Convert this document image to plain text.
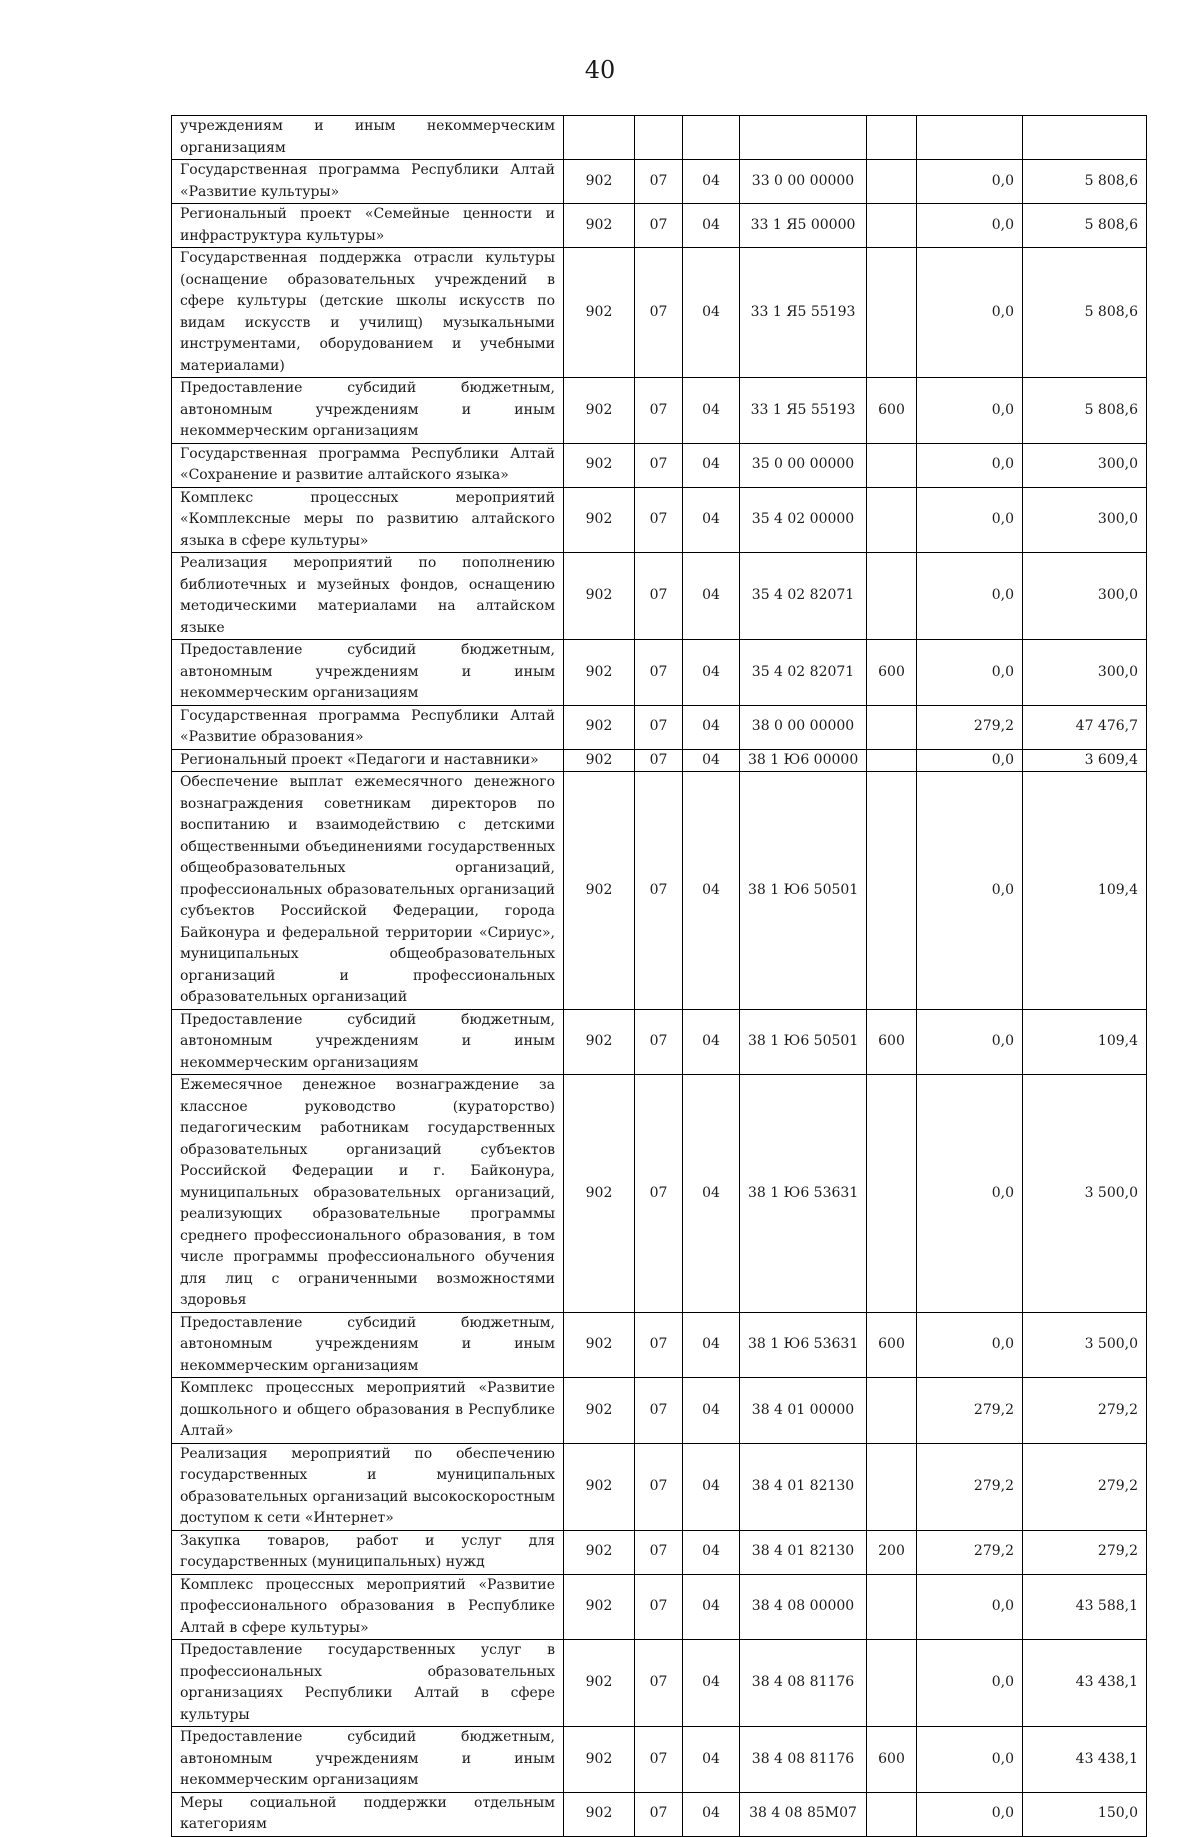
40
учреждениям и иным некоммерческим организациям							
Государственная программа Республики Алтай «Развитие культуры»	902	07	04	33 0 00 00000		0,0	5 808,6
Региональный проект «Семейные ценности и инфраструктура культуры»	902	07	04	33 1 Я5 00000		0,0	5 808,6
Государственная поддержка отрасли культуры (оснащение образовательных учреждений в сфере культуры (детские школы искусств по видам искусств и училищ) музыкальными инструментами, оборудованием и учебными материалами)	902	07	04	33 1 Я5 55193		0,0	5 808,6
Предоставление субсидий бюджетным, автономным учреждениям и иным некоммерческим организациям	902	07	04	33 1 Я5 55193	600	0,0	5 808,6
Государственная программа Республики Алтай «Сохранение и развитие алтайского языка»	902	07	04	35 0 00 00000		0,0	300,0
Комплекс процессных мероприятий «Комплексные меры по развитию алтайского языка в сфере культуры»	902	07	04	35 4 02 00000		0,0	300,0
Реализация мероприятий по пополнению библиотечных и музейных фондов, оснащению методическими материалами на алтайском языке	902	07	04	35 4 02 82071		0,0	300,0
Предоставление субсидий бюджетным, автономным учреждениям и иным некоммерческим организациям	902	07	04	35 4 02 82071	600	0,0	300,0
Государственная программа Республики Алтай «Развитие образования»	902	07	04	38 0 00 00000		279,2	47 476,7
Региональный проект «Педагоги и наставники»	902	07	04	38 1 Ю6 00000		0,0	3 609,4
Обеспечение выплат ежемесячного денежного вознаграждения советникам директоров по воспитанию и взаимодействию с детскими общественными объединениями государственных общеобразовательных организаций, профессиональных образовательных организаций субъектов Российской Федерации, города Байконура и федеральной территории «Сириус», муниципальных общеобразовательных организаций и профессиональных образовательных организаций	902	07	04	38 1 Ю6 50501		0,0	109,4
Предоставление субсидий бюджетным, автономным учреждениям и иным некоммерческим организациям	902	07	04	38 1 Ю6 50501	600	0,0	109,4
Ежемесячное денежное вознаграждение за классное руководство (кураторство) педагогическим работникам государственных образовательных организаций субъектов Российской Федерации и г. Байконура, муниципальных образовательных организаций, реализующих образовательные программы среднего профессионального образования, в том числе программы профессионального обучения для лиц с ограниченными возможностями здоровья	902	07	04	38 1 Ю6 53631		0,0	3 500,0
Предоставление субсидий бюджетным, автономным учреждениям и иным некоммерческим организациям	902	07	04	38 1 Ю6 53631	600	0,0	3 500,0
Комплекс процессных мероприятий «Развитие дошкольного и общего образования в Республике Алтай»	902	07	04	38 4 01 00000		279,2	279,2
Реализация мероприятий по обеспечению государственных и муниципальных образовательных организаций высокоскоростным доступом к сети «Интернет»	902	07	04	38 4 01 82130		279,2	279,2
Закупка товаров, работ и услуг для государственных (муниципальных) нужд	902	07	04	38 4 01 82130	200	279,2	279,2
Комплекс процессных мероприятий «Развитие профессионального образования в Республике Алтай в сфере культуры»	902	07	04	38 4 08 00000		0,0	43 588,1
Предоставление государственных услуг в профессиональных образовательных организациях Республики Алтай в сфере культуры	902	07	04	38 4 08 81176		0,0	43 438,1
Предоставление субсидий бюджетным, автономным учреждениям и иным некоммерческим организациям	902	07	04	38 4 08 81176	600	0,0	43 438,1
Меры социальной поддержки отдельным категориям	902	07	04	38 4 08 85М07		0,0	150,0
